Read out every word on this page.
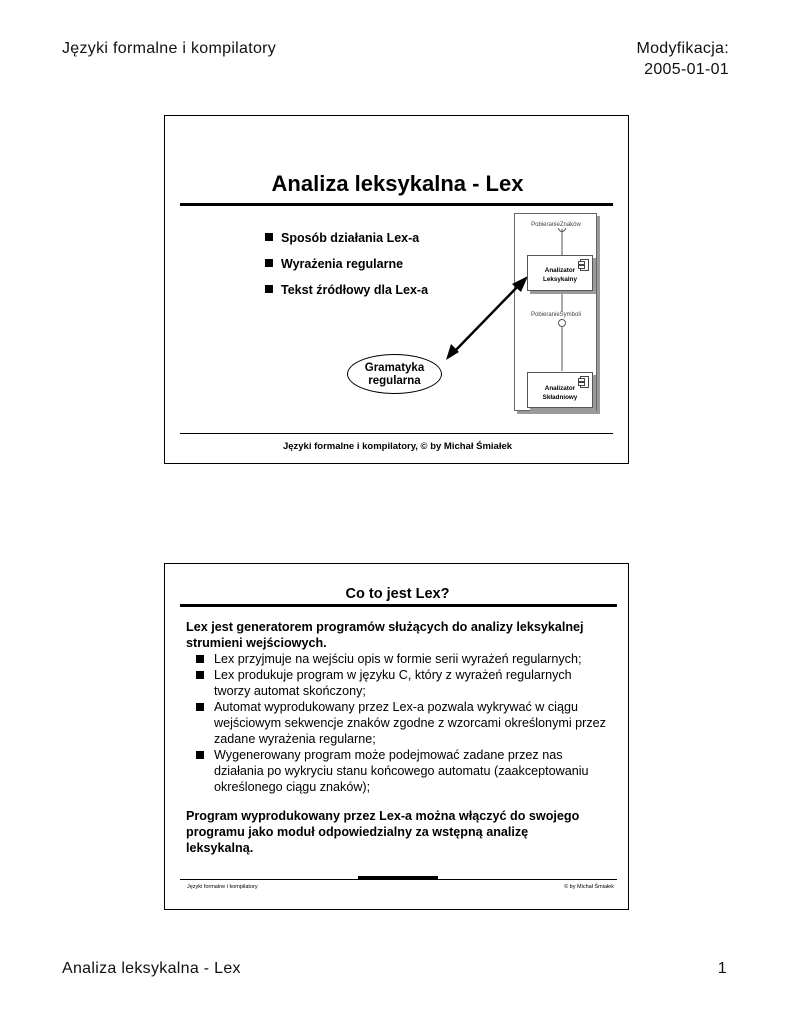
Języki formalne i kompilatory	Modyfikacja:
2005-01-01
Analiza leksykalna - Lex
Sposób działania Lex-a
Wyrażenia regularne
Tekst źródłowy dla Lex-a
PobieranieZnaków
Analizator
Leksykalny
PobieranieSymboli
Analizator
Składniowy
Gramatyka
regularna
Języki formalne i kompilatory, © by Michał Śmiałek
Co to jest Lex?
Lex jest generatorem programów służących do analizy leksykalnej strumieni wejściowych.
Lex przyjmuje na wejściu opis w formie serii wyrażeń regularnych;
Lex produkuje program w języku C, który z wyrażeń regularnych tworzy automat skończony;
Automat wyprodukowany przez Lex-a pozwala wykrywać w ciągu wejściowym sekwencje znaków zgodne z wzorcami określonymi przez zadane wyrażenia regularne;
Wygenerowany program może podejmować zadane przez nas działania po wykryciu stanu końcowego automatu (zaakceptowaniu określonego ciągu znaków);
Program wyprodukowany przez Lex-a można włączyć do swojego programu jako moduł odpowiedzialny za wstępną analizę leksykalną.
Języki formalne i kompilatory	© by Michał Śmiałek
Analiza leksykalna - Lex	1
